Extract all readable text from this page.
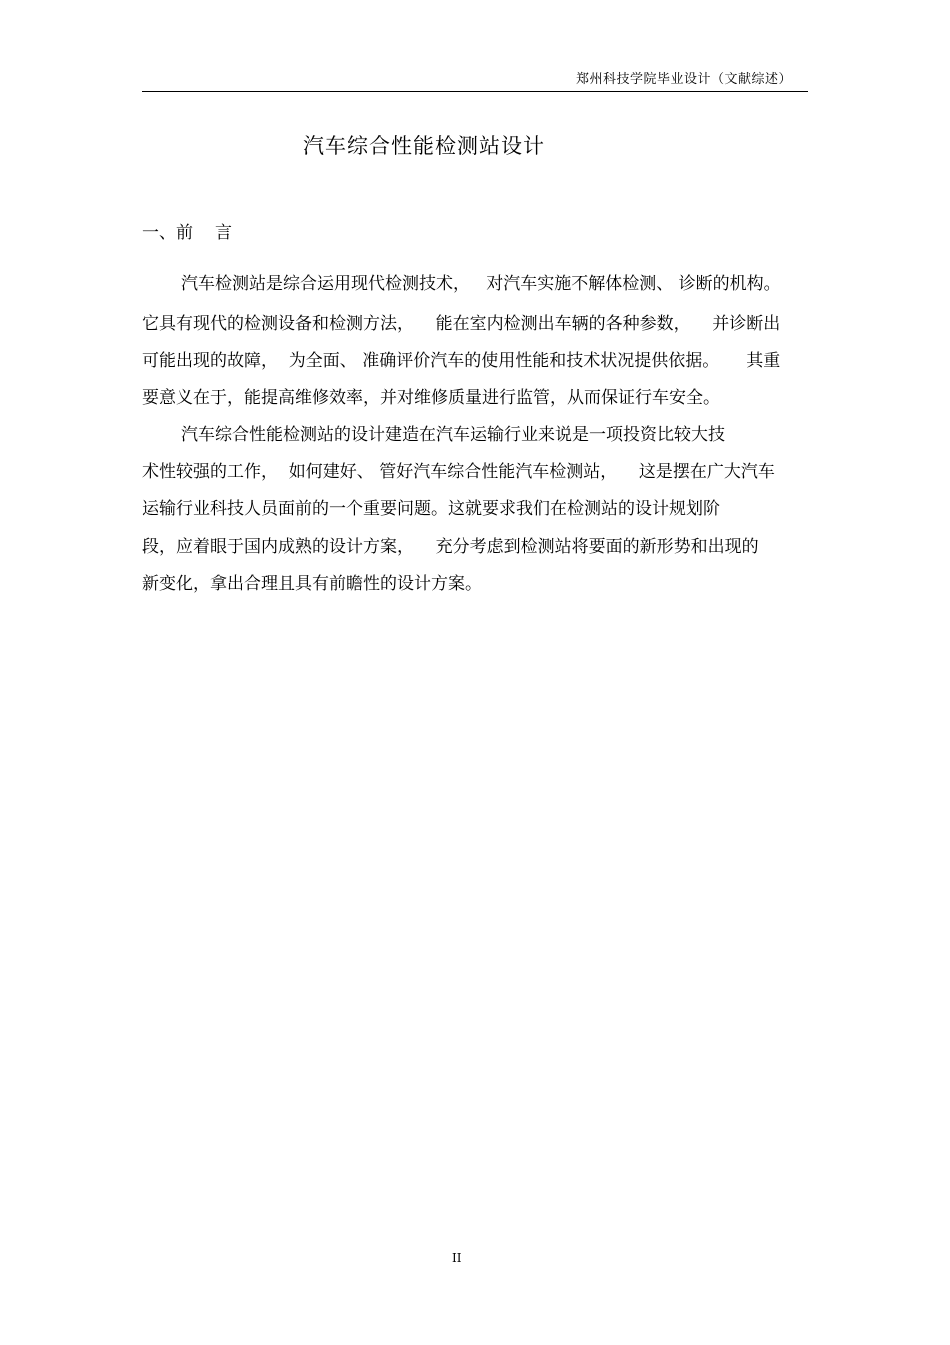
郑州科技学院毕业设计（文献综述）
汽车综合性能检测站设计
一、前 言
汽车检测站是综合运用现代检测技术，   对汽车实施不解体检测、 诊断的机构。
它具有现代的检测设备和检测方法，    能在室内检测出车辆的各种参数，    并诊断出
可能出现的故障，  为全面、 准确评价汽车的使用性能和技术状况提供依据。     其重
要意义在于，能提高维修效率，并对维修质量进行监管，从而保证行车安全。
汽车综合性能检测站的设计建造在汽车运输行业来说是一项投资比较大技
术性较强的工作，  如何建好、 管好汽车综合性能汽车检测站，    这是摆在广大汽车
运输行业科技人员面前的一个重要问题。这就要求我们在检测站的设计规划阶
段，应着眼于国内成熟的设计方案，    充分考虑到检测站将要面的新形势和出现的
新变化，拿出合理且具有前瞻性的设计方案。
II
